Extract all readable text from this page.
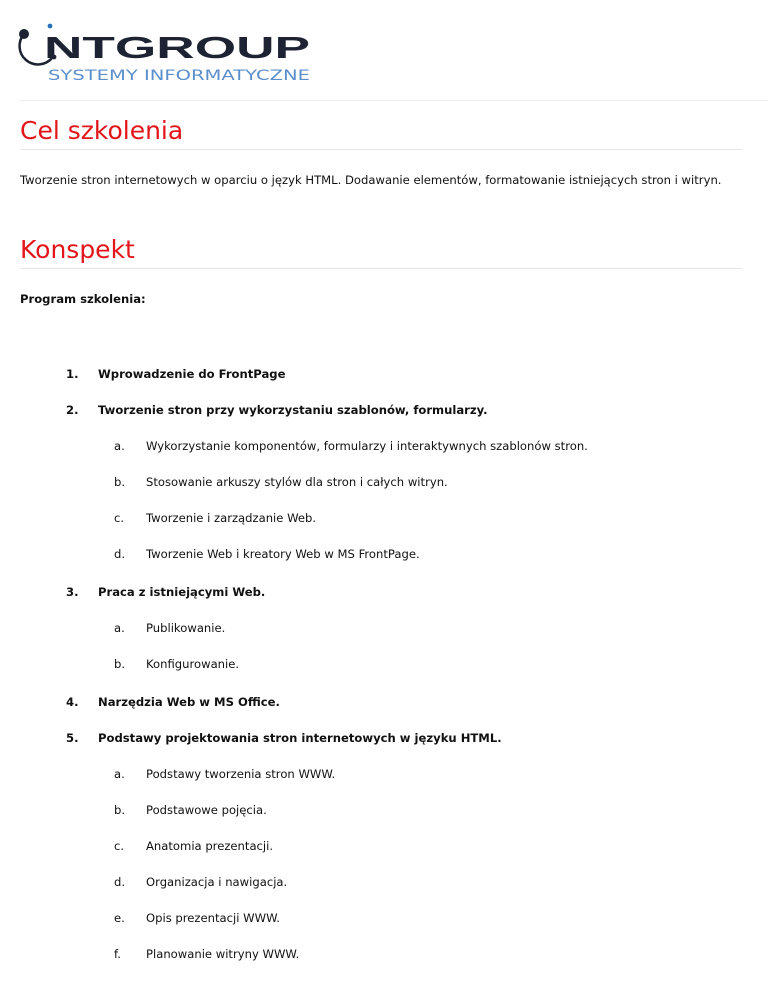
NTGROUP
SYSTEMY INFORMATYCZNE
Cel szkolenia

Tworzenie stron internetowych w oparciu o język HTML. Dodawanie elementów, formatowanie istniejących stron i witryn.

Konspekt
Program szkolenia:
1. Wprowadzenie do FrontPage
2. Tworzenie stron przy wykorzystaniu szablonów, formularzy.
a. Wykorzystanie komponentów, formularzy i interaktywnych szablonów stron.
b. Stosowanie arkuszy stylów dla stron i całych witryn.
c. Tworzenie i zarządzanie Web.
d. Tworzenie Web i kreatory Web w MS FrontPage.
3. Praca z istniejącymi Web.
a. Publikowanie.
b. Konfigurowanie.
4. Narzędzia Web w MS Office.
5. Podstawy projektowania stron internetowych w języku HTML.
a. Podstawy tworzenia stron WWW.
b. Podstawowe pojęcia.
c. Anatomia prezentacji.
d. Organizacja i nawigacja.
e. Opis prezentacji WWW.
f. Planowanie witryny WWW.
